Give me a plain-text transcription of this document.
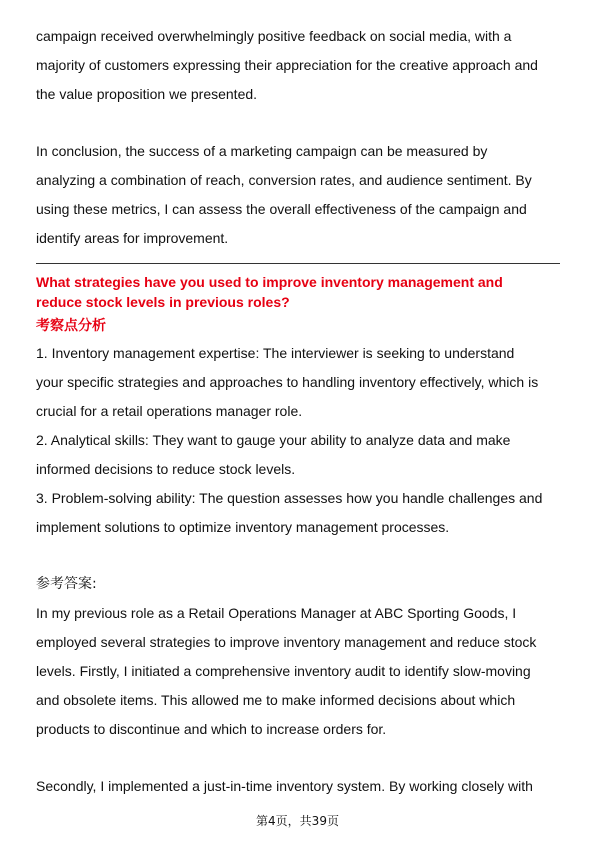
campaign received overwhelmingly positive feedback on social media, with a

majority of customers expressing their appreciation for the creative approach and

the value proposition we presented.

In conclusion, the success of a marketing campaign can be measured by

analyzing a combination of reach, conversion rates, and audience sentiment. By

using these metrics, I can assess the overall effectiveness of the campaign and

identify areas for improvement.

What strategies have you used to improve inventory management and

reduce stock levels in previous roles?

考察点分析

1. Inventory management expertise: The interviewer is seeking to understand

your specific strategies and approaches to handling inventory effectively, which is

crucial for a retail operations manager role.

2. Analytical skills: They want to gauge your ability to analyze data and make

informed decisions to reduce stock levels.

3. Problem-solving ability: The question assesses how you handle challenges and

implement solutions to optimize inventory management processes.

参考答案:

In my previous role as a Retail Operations Manager at ABC Sporting Goods, I

employed several strategies to improve inventory management and reduce stock

levels. Firstly, I initiated a comprehensive inventory audit to identify slow-moving

and obsolete items. This allowed me to make informed decisions about which

products to discontinue and which to increase orders for.

Secondly, I implemented a just-in-time inventory system. By working closely with

第4页，共39页
